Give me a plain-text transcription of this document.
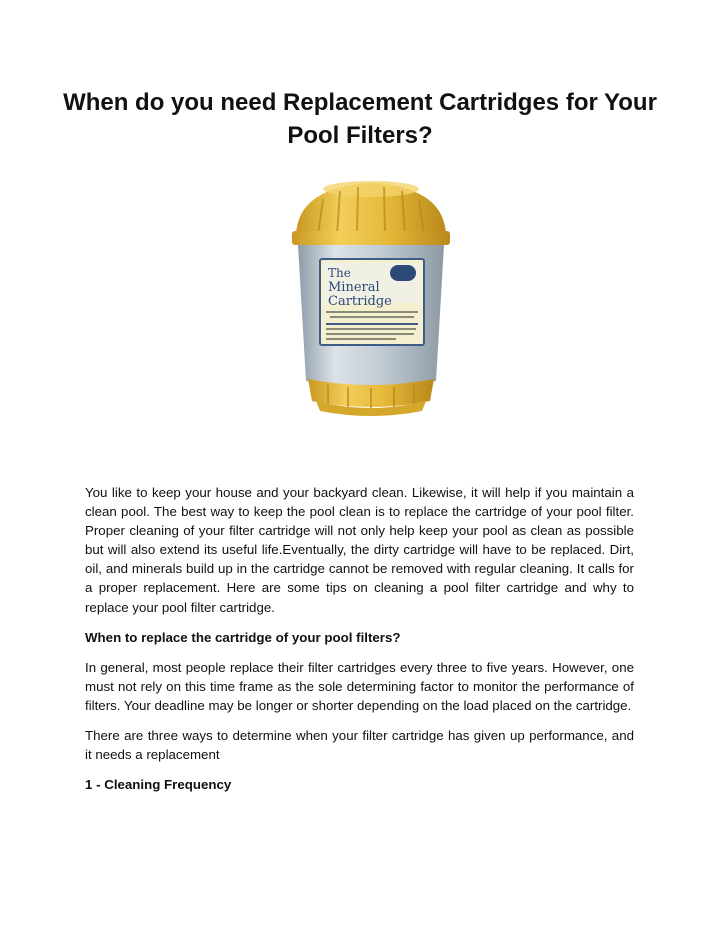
When do you need Replacement Cartridges for Your Pool Filters?
The
Mineral
Cartridge

You like to keep your house and your backyard clean. Likewise, it will help if you maintain a clean pool. The best way to keep the pool clean is to replace the cartridge of your pool filter. Proper cleaning of your filter cartridge will not only help keep your pool as clean as possible but will also extend its useful life.Eventually, the dirty cartridge will have to be replaced. Dirt, oil, and minerals build up in the cartridge cannot be removed with regular cleaning. It calls for a proper replacement. Here are some tips on cleaning a pool filter cartridge and why to replace your pool filter cartridge.

When to replace the cartridge of your pool filters?

In general, most people replace their filter cartridges every three to five years. However, one must not rely on this time frame as the sole determining factor to monitor the performance of filters. Your deadline may be longer or shorter depending on the load placed on the cartridge.

There are three ways to determine when your filter cartridge has given up performance, and it needs a replacement

1 - Cleaning Frequency
